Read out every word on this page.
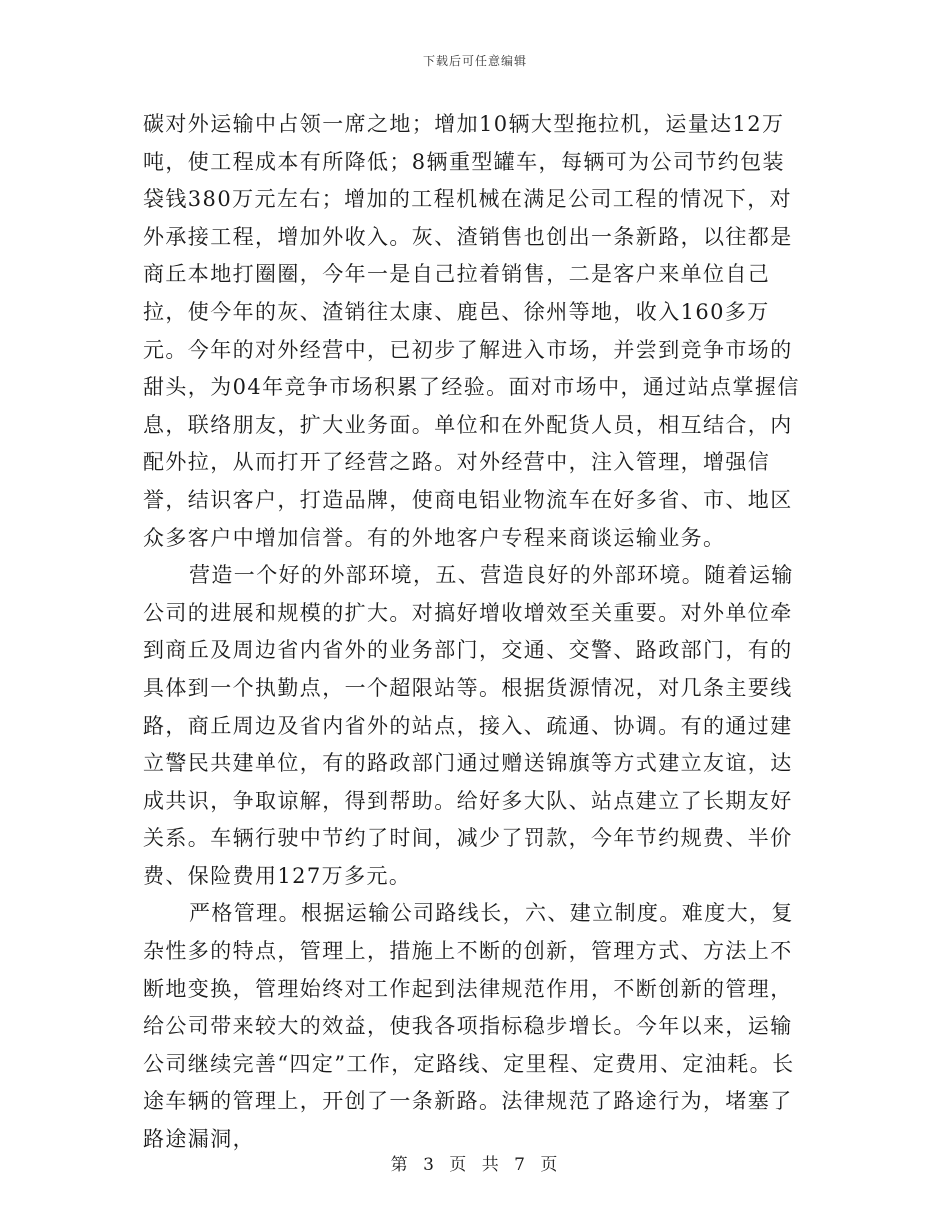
下载后可任意编辑

碳对外运输中占领一席之地；增加10辆大型拖拉机，运量达12万吨，使工程成本有所降低；8辆重型罐车，每辆可为公司节约包装袋钱380万元左右；增加的工程机械在满足公司工程的情况下，对外承接工程，增加外收入。灰、渣销售也创出一条新路，以往都是商丘本地打圈圈，今年一是自己拉着销售，二是客户来单位自己拉，使今年的灰、渣销往太康、鹿邑、徐州等地，收入160多万元。今年的对外经营中，已初步了解进入市场，并尝到竞争市场的甜头，为04年竞争市场积累了经验。面对市场中，通过站点掌握信息，联络朋友，扩大业务面。单位和在外配货人员，相互结合，内配外拉，从而打开了经营之路。对外经营中，注入管理，增强信誉，结识客户，打造品牌，使商电铝业物流车在好多省、市、地区众多客户中增加信誉。有的外地客户专程来商谈运输业务。

营造一个好的外部环境，五、营造良好的外部环境。随着运输公司的进展和规模的扩大。对搞好增收增效至关重要。对外单位牵到商丘及周边省内省外的业务部门，交通、交警、路政部门，有的具体到一个执勤点，一个超限站等。根据货源情况，对几条主要线路，商丘周边及省内省外的站点，接入、疏通、协调。有的通过建立警民共建单位，有的路政部门通过赠送锦旗等方式建立友谊，达成共识，争取谅解，得到帮助。给好多大队、站点建立了长期友好关系。车辆行驶中节约了时间，减少了罚款，今年节约规费、半价费、保险费用127万多元。

严格管理。根据运输公司路线长，六、建立制度。难度大，复杂性多的特点，管理上，措施上不断的创新，管理方式、方法上不断地变换，管理始终对工作起到法律规范作用，不断创新的管理，给公司带来较大的效益，使我各项指标稳步增长。今年以来，运输公司继续完善“四定”工作，定路线、定里程、定费用、定油耗。长途车辆的管理上，开创了一条新路。法律规范了路途行为，堵塞了路途漏洞，

第 3 页 共 7 页
